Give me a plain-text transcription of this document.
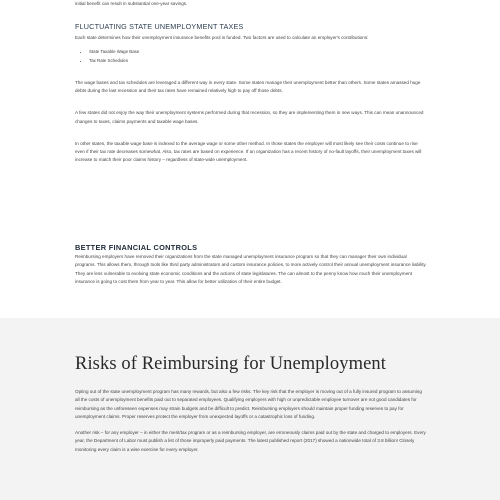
initial benefit can result in substantial one-year savings.
FLUCTUATING STATE UNEMPLOYMENT TAXES

Each state determines how their unemployment insurance benefits pool is funded. Two factors are used to calculate an employer's contributions:

• State Taxable Wage Base
• Tax Rate Schedules

The wage bases and tax schedules are leveraged a different way in every state. Some states manage their unemployment better than others. Some states amassed huge debts during the last recession and their tax rates have remained relatively high to pay off those debts.

A few states did not enjoy the way their unemployment systems performed during that recession, so they are implementing them in new ways. This can mean unannounced changes to taxes, claims payments and taxable wage bases.

In other states, the taxable wage base is indexed to the average wage or some other method. In those states the employer will most likely see their costs continue to rise even if their tax rate decreases somewhat. Also, tax rates are based on experience. If an organization has a recent history of no-fault layoffs, their unemployment taxes will increase to match their poor claims history – regardless of state-wide unemployment.

BETTER FINANCIAL CONTROLS

Reimbursing employers have removed their organizations from the state managed unemployment insurance program so that they can manager their own individual programs. This allows them, through tools like third party administrators and custom insurance policies, to more actively control their annual unemployment insurance liability. They are less vulnerable to evolving state economic conditions and the actions of state legislatures. The can almost to the penny know how much their unemployment insurance is going to cost them from year to year. This allow for better utilization of their entire budget.

Risks of Reimbursing for Unemployment

Opting out of the state unemployment program has many rewards, but also a few risks. The key risk that the employer is moving out of a fully insured program to assuming all the costs of unemployment benefits paid out to separated employees. Qualifying employers with high or unpredictable employee turnover are not good candidates for reimbursing as the unforeseen expenses may strain budgets and be difficult to predict. Reimbursing employers should maintain proper funding reserves to pay for unemployment claims. Proper reserves protect the employer from unexpected layoffs or a catastrophic loss of funding.

Another risk – for any employer – in either the merit/tax program or as a reimbursing employer, are erroneously claims paid out by the state and charged to employers. Every year, the Department of Labor must publish a list of those improperly paid payments. The latest published report (2017) showed a nationwide total of 3.8 billion! Closely monitoring every claim is a wise exercise for every employer.
